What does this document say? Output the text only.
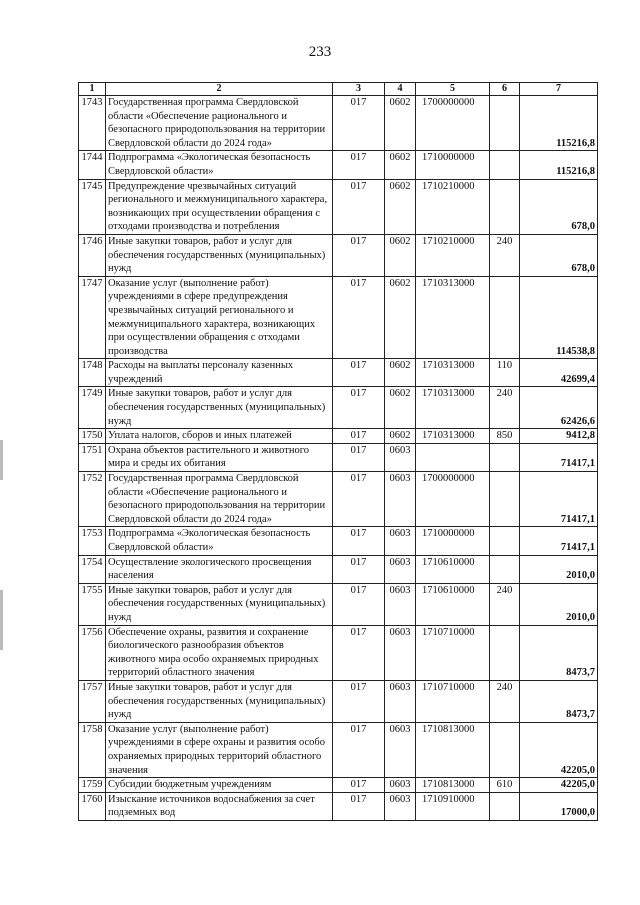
233
1	2	3	4	5	6	7
1743	Государственная программа Свердловской области «Обеспечение рационального и безопасного природопользования на территории Свердловской области до 2024 года»	017	0602	1700000000		115216,8
1744	Подпрограмма «Экологическая безопасность Свердловской области»	017	0602	1710000000		115216,8
1745	Предупреждение чрезвычайных ситуаций регионального и межмуниципального характера, возникающих при осуществлении обращения с отходами производства и потребления	017	0602	1710210000		678,0
1746	Иные закупки товаров, работ и услуг для обеспечения государственных (муниципальных) нужд	017	0602	1710210000	240	678,0
1747	Оказание услуг (выполнение работ) учреждениями в сфере предупреждения чрезвычайных ситуаций регионального и межмуниципального характера, возникающих при осуществлении обращения с отходами производства	017	0602	1710313000		114538,8
1748	Расходы на выплаты персоналу казенных учреждений	017	0602	1710313000	110	42699,4
1749	Иные закупки товаров, работ и услуг для обеспечения государственных (муниципальных) нужд	017	0602	1710313000	240	62426,6
1750	Уплата налогов, сборов и иных платежей	017	0602	1710313000	850	9412,8
1751	Охрана объектов растительного и животного мира и среды их обитания	017	0603			71417,1
1752	Государственная программа Свердловской области «Обеспечение рационального и безопасного природопользования на территории Свердловской области до 2024 года»	017	0603	1700000000		71417,1
1753	Подпрограмма «Экологическая безопасность Свердловской области»	017	0603	1710000000		71417,1
1754	Осуществление экологического просвещения населения	017	0603	1710610000		2010,0
1755	Иные закупки товаров, работ и услуг для обеспечения государственных (муниципальных) нужд	017	0603	1710610000	240	2010,0
1756	Обеспечение охраны, развития и сохранение биологического разнообразия объектов животного мира особо охраняемых природных территорий областного значения	017	0603	1710710000		8473,7
1757	Иные закупки товаров, работ и услуг для обеспечения государственных (муниципальных) нужд	017	0603	1710710000	240	8473,7
1758	Оказание услуг (выполнение работ) учреждениями в сфере охраны и развития особо охраняемых природных территорий областного значения	017	0603	1710813000		42205,0
1759	Субсидии бюджетным учреждениям	017	0603	1710813000	610	42205,0
1760	Изыскание источников водоснабжения за счет подземных вод	017	0603	1710910000		17000,0
